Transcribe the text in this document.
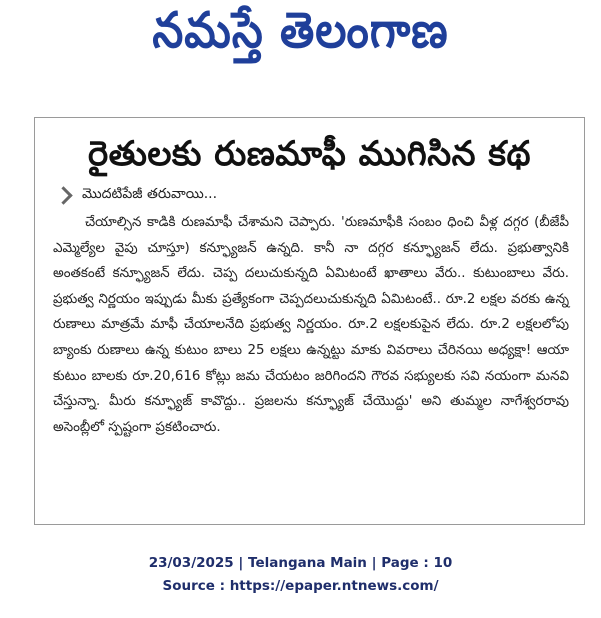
నమస్తే తెలంగాణ
రైతులకు రుణమాఫీ ముగిసిన కథ
మొదటిపేజీ తరువాయి...
చేయాల్సిన కాడికి రుణమాఫీ చేశామని చెప్పారు. 'రుణమాఫీకి సంబం ధించి వీళ్ల దగ్గర (బీజేపీ ఎమ్మెల్యేల వైపు చూస్తూ) కన్ఫ్యూజన్ ఉన్నది. కానీ నా దగ్గర కన్ఫ్యూజన్ లేదు. ప్రభుత్వానికి అంతకంటే కన్ఫ్యూజన్ లేదు. చెప్ప దలుచుకున్నది ఏమిటంటే ఖాతాలు వేరు.. కుటుంబాలు వేరు. ప్రభుత్వ నిర్ణయం ఇప్పుడు మీకు ప్రత్యేకంగా చెప్పదలుచుకున్నది ఏమిటంటే.. రూ.2 లక్షల వరకు ఉన్న రుణాలు మాత్రమే మాఫీ చేయాలనేది ప్రభుత్వ నిర్ణయం. రూ.2 లక్షలకుపైన లేదు. రూ.2 లక్షలలోపు బ్యాంకు రుణాలు ఉన్న కుటుం బాలు 25 లక్షలు ఉన్నట్టు మాకు వివరాలు చేరినయి అధ్యక్షా! ఆయా కుటుం బాలకు రూ.20,616 కోట్లు జమ చేయటం జరిగిందని గౌరవ సభ్యులకు సవి నయంగా మనవి చేస్తున్నా. మీరు కన్ఫ్యూజ్ కావొద్దు.. ప్రజలను కన్ఫ్యూజ్ చేయొద్దు' అని తుమ్మల నాగేశ్వరరావు అసెంబ్లీలో స్పష్టంగా ప్రకటించారు.
23/03/2025 | Telangana Main | Page : 10
Source : https://epaper.ntnews.com/
